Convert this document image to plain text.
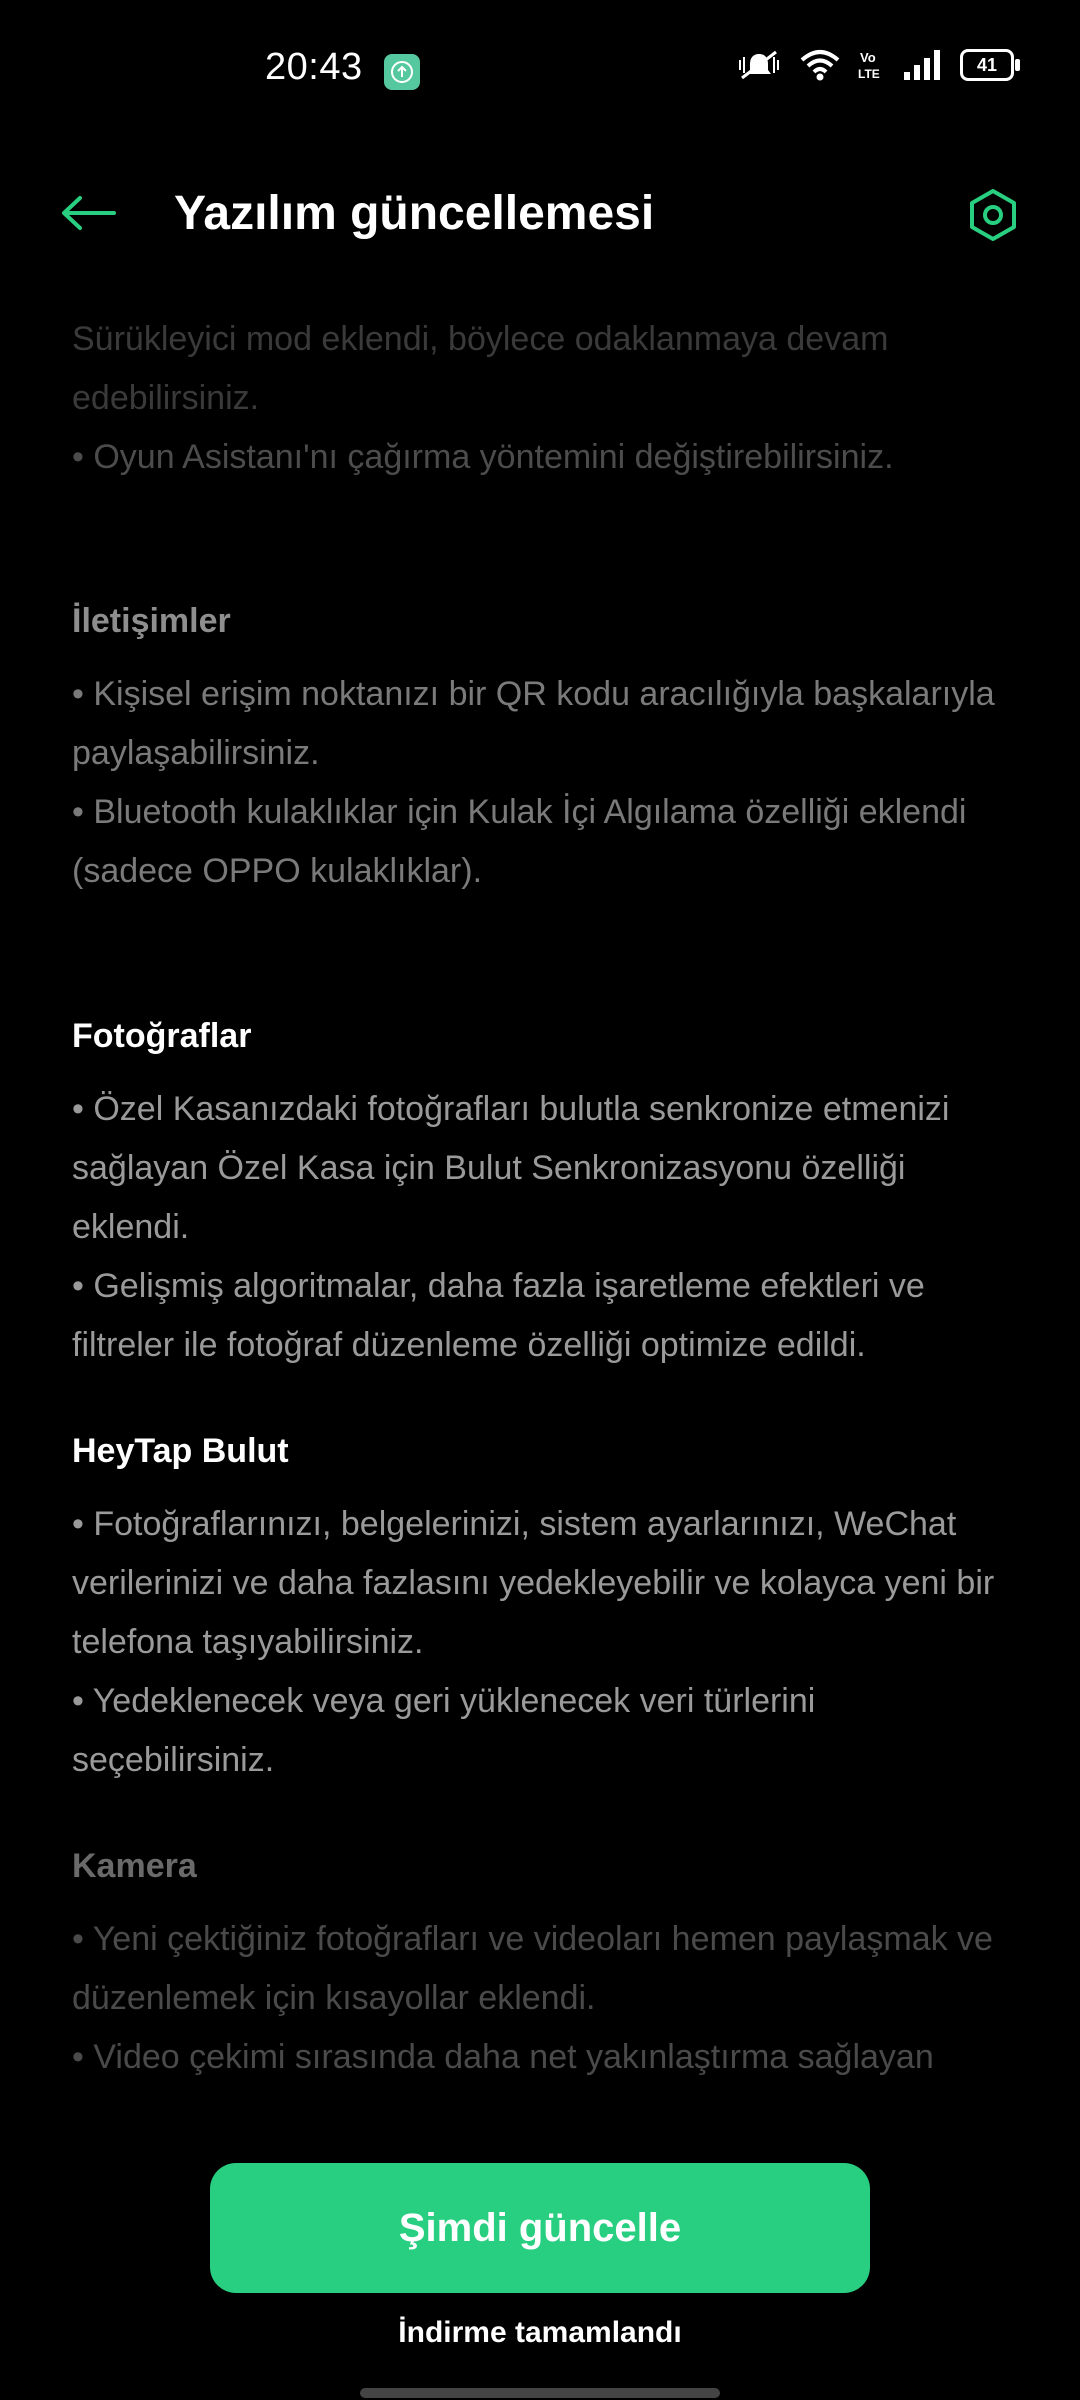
20:43	Vo
LTE	41
Yazılım güncellemesi

Sürükleyici mod eklendi, böylece odaklanmaya devam

edebilirsiniz.

• Oyun Asistanı'nı çağırma yöntemini değiştirebilirsiniz.

İletişimler

• Kişisel erişim noktanızı bir QR kodu aracılığıyla başkalarıyla paylaşabilirsiniz.
• Bluetooth kulaklıklar için Kulak İçi Algılama özelliği eklendi (sadece OPPO kulaklıklar).

Fotoğraflar

• Özel Kasanızdaki fotoğrafları bulutla senkronize etmenizi sağlayan Özel Kasa için Bulut Senkronizasyonu özelliği eklendi.
• Gelişmiş algoritmalar, daha fazla işaretleme efektleri ve filtreler ile fotoğraf düzenleme özelliği optimize edildi.

HeyTap Bulut

• Fotoğraflarınızı, belgelerinizi, sistem ayarlarınızı, WeChat verilerinizi ve daha fazlasını yedekleyebilir ve kolayca yeni bir telefona taşıyabilirsiniz.
• Yedeklenecek veya geri yüklenecek veri türlerini seçebilirsiniz.

Kamera

• Yeni çektiğiniz fotoğrafları ve videoları hemen paylaşmak ve düzenlemek için kısayollar eklendi.
• Video çekimi sırasında daha net yakınlaştırma sağlayan

Şimdi güncelle
İndirme tamamlandı
